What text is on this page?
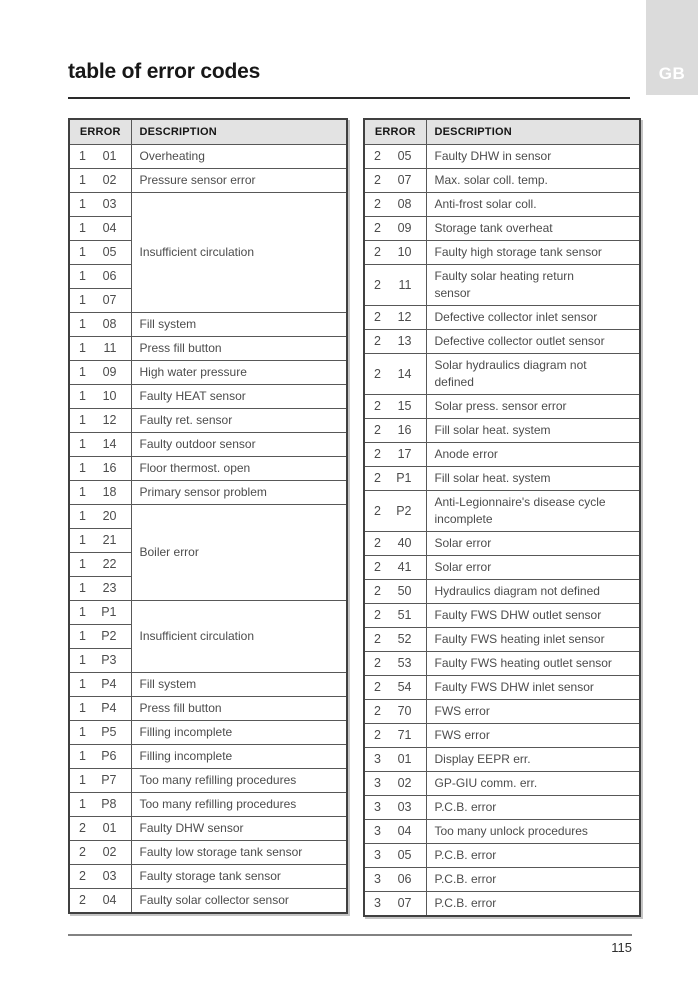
GB
table of error codes
ERROR	DESCRIPTION

1 01	Overheating

1 02	Pressure sensor error

1 03	Insufficient circulation

1 04	

1 05	

1 06	

1 07	

1 08	Fill system

1 11	Press fill button

1 09	High water pressure

1 10	Faulty HEAT sensor

1 12	Faulty ret. sensor

1 14	Faulty outdoor sensor

1 16	Floor thermost. open

1 18	Primary sensor problem

1 20	Boiler error

1 21	

1 22	

1 23	

1 P1	Insufficient circulation

1 P2	

1 P3	

1 P4	Fill system

1 P4	Press fill button

1 P5	Filling incomplete

1 P6	Filling incomplete

1 P7	Too many refilling procedures

1 P8	Too many refilling procedures

2 01	Faulty DHW sensor

2 02	Faulty low storage tank sensor

2 03	Faulty storage tank sensor

2 04	Faulty solar collector sensor
ERROR	DESCRIPTION

2 05	Faulty DHW in sensor

2 07	Max. solar coll. temp.

2 08	Anti-frost solar coll.

2 09	Storage tank overheat

2 10	Faulty high storage tank sensor

2 11	Faulty solar heating return sensor

2 12	Defective collector inlet sensor

2 13	Defective collector outlet sensor

2 14	Solar hydraulics diagram not defined

2 15	Solar press. sensor error

2 16	Fill solar heat. system

2 17	Anode error

2 P1	Fill solar heat. system

2 P2	Anti-Legionnaire's disease cycle incomplete

2 40	Solar error

2 41	Solar error

2 50	Hydraulics diagram not defined

2 51	Faulty FWS DHW outlet sensor

2 52	Faulty FWS heating inlet sensor

2 53	Faulty FWS heating outlet sensor

2 54	Faulty FWS DHW inlet sensor

2 70	FWS error

2 71	FWS error

3 01	Display EEPR err.

3 02	GP-GIU comm. err.

3 03	P.C.B. error

3 04	Too many unlock procedures

3 05	P.C.B. error

3 06	P.C.B. error

3 07	P.C.B. error
115
